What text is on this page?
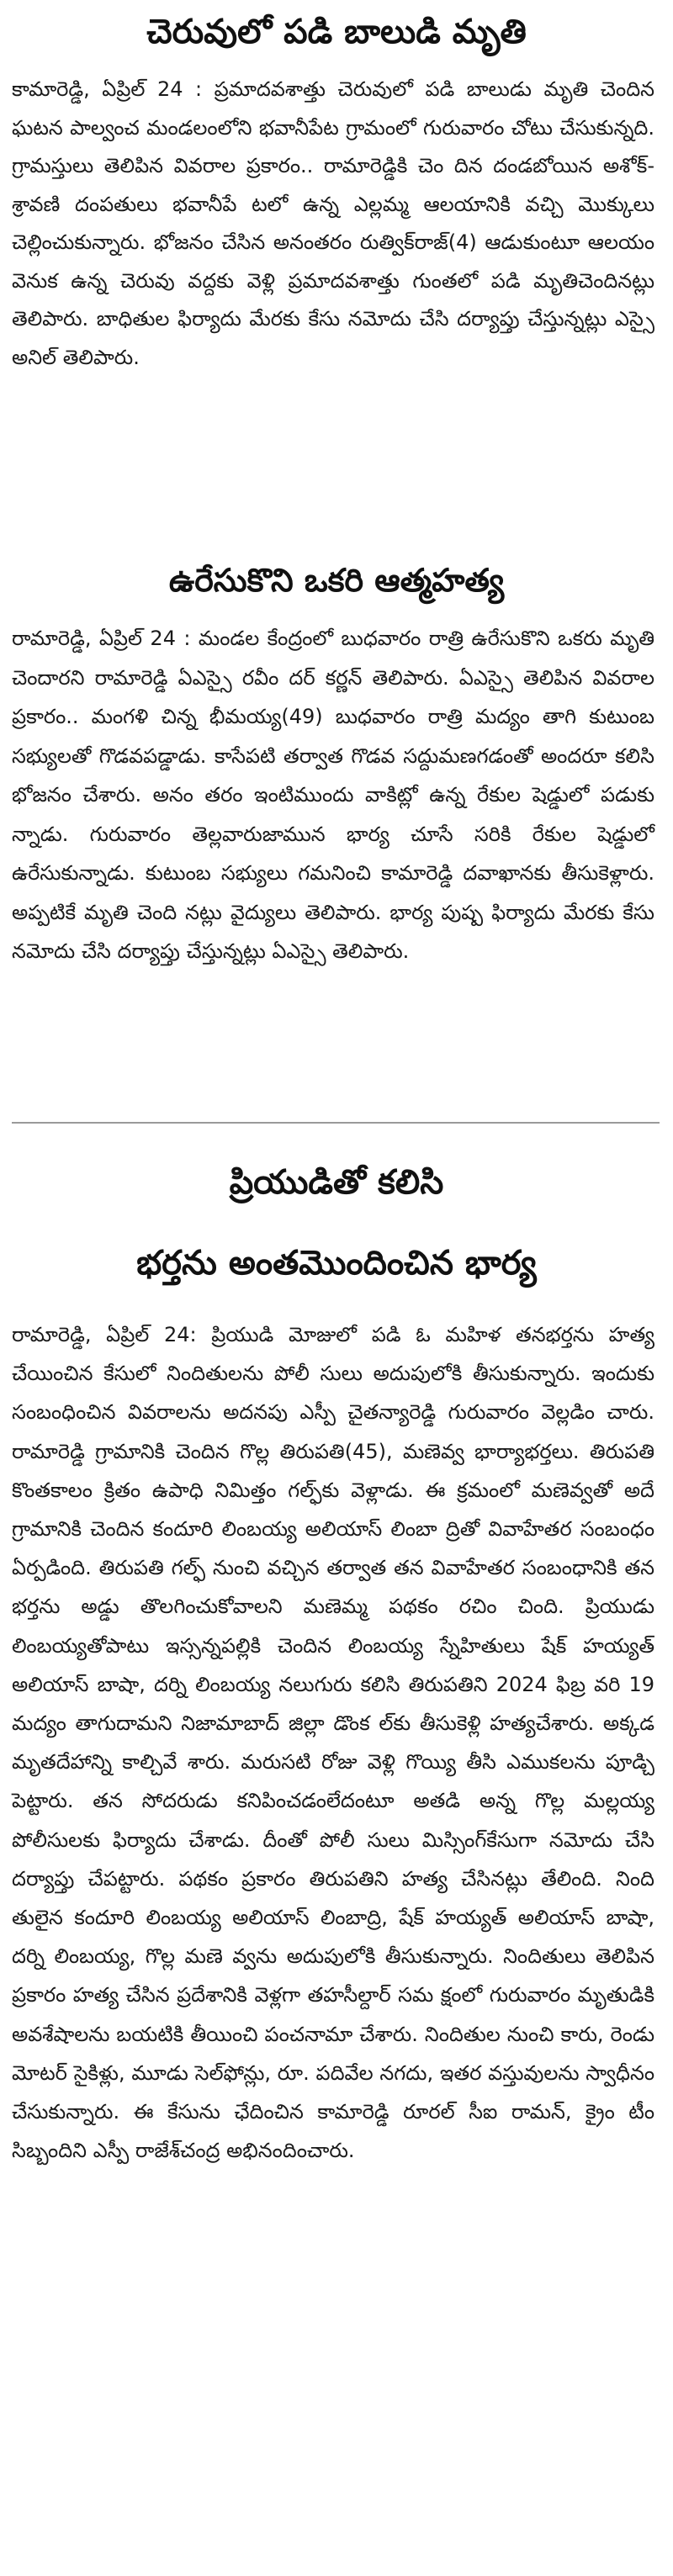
చెరువులో పడి బాలుడి మృతి

కామారెడ్డి, ఏప్రిల్ 24 : ప్రమాదవశాత్తు చెరువులో పడి బాలుడు మృతి చెందిన ఘటన పాల్వంచ మండలంలోని భవానీపేట గ్రామంలో గురువారం చోటు చేసుకున్నది. గ్రామస్తులు తెలిపిన వివరాల ప్రకారం.. రామారెడ్డికి చెం దిన దండబోయిన అశోక్-శ్రావణి దంపతులు భవానీపే టలో ఉన్న ఎల్లమ్మ ఆలయానికి వచ్చి మొక్కులు చెల్లించుకున్నారు. భోజనం చేసిన అనంతరం రుత్విక్‌రాజ్(4) ఆడుకుంటూ ఆలయం వెనుక ఉన్న చెరువు వద్దకు వెళ్లి ప్రమాదవశాత్తు గుంతలో పడి మృతిచెందినట్లు తెలిపారు. బాధితుల ఫిర్యాదు మేరకు కేసు నమోదు చేసి దర్యాప్తు చేస్తున్నట్లు ఎస్సై అనిల్ తెలిపారు.

ఉరేసుకొని ఒకరి ఆత్మహత్య

రామారెడ్డి, ఏప్రిల్ 24 : మండల కేంద్రంలో బుధవారం రాత్రి ఉరేసుకొని ఒకరు మృతి చెందారని రామారెడ్డి ఏఎస్సై రవీం దర్ కర్ణన్ తెలిపారు. ఏఎస్సై తెలిపిన వివరాల ప్రకారం.. మంగళి చిన్న భీమయ్య(49) బుధవారం రాత్రి మద్యం తాగి కుటుంబ సభ్యులతో గొడవపడ్డాడు. కాసేపటి తర్వాత గొడవ సద్దుమణగడంతో అందరూ కలిసి భోజనం చేశారు. అనం తరం ఇంటిముందు వాకిట్లో ఉన్న రేకుల షెడ్డులో పడుకు న్నాడు. గురువారం తెల్లవారుజామున భార్య చూసే సరికి రేకుల షెడ్డులో ఉరేసుకున్నాడు. కుటుంబ సభ్యులు గమనించి కామారెడ్డి దవాఖానకు తీసుకెళ్లారు. అప్పటికే మృతి చెంది నట్లు వైద్యులు తెలిపారు. భార్య పుష్ప ఫిర్యాదు మేరకు కేసు నమోదు చేసి దర్యాప్తు చేస్తున్నట్లు ఏఎస్సై తెలిపారు.

ప్రియుడితో కలిసి
భర్తను అంతమొందించిన భార్య

రామారెడ్డి, ఏప్రిల్ 24: ప్రియుడి మోజులో పడి ఓ మహిళ తనభర్తను హత్య చేయించిన కేసులో నిందితులను పోలీ సులు అదుపులోకి తీసుకున్నారు. ఇందుకు సంబంధించిన వివరాలను అదనపు ఎస్పీ చైతన్యారెడ్డి గురువారం వెల్లడిం చారు. రామారెడ్డి గ్రామానికి చెందిన గొల్ల తిరుపతి(45), మణెవ్వ భార్యాభర్తలు. తిరుపతి కొంతకాలం క్రితం ఉపాధి నిమిత్తం గల్ఫ్‌కు వెళ్లాడు. ఈ క్రమంలో మణెవ్వతో అదే గ్రామానికి చెందిన కందూరి లింబయ్య అలియాస్ లింబా ద్రితో వివాహేతర సంబంధం ఏర్పడింది. తిరుపతి గల్ఫ్ నుంచి వచ్చిన తర్వాత తన వివాహేతర సంబంధానికి తన భర్తను అడ్డు తొలగించుకోవాలని మణెమ్మ పథకం రచిం చింది. ప్రియుడు లింబయ్యతోపాటు ఇస్సన్నపల్లికి చెందిన లింబయ్య స్నేహితులు షేక్ హయ్యత్ అలియాస్ బాషా, దర్ని లింబయ్య నలుగురు కలిసి తిరుపతిని 2024 ఫిబ్ర వరి 19 మద్యం తాగుదామని నిజామాబాద్ జిల్లా డొంక ల్‌కు తీసుకెళ్లి హత్యచేశారు. అక్కడ మృతదేహాన్ని కాల్చివే శారు. మరుసటి రోజు వెళ్లి గొయ్యి తీసి ఎముకలను పూడ్చి పెట్టారు. తన సోదరుడు కనిపించడంలేదంటూ అతడి అన్న గొల్ల మల్లయ్య పోలీసులకు ఫిర్యాదు చేశాడు. దీంతో పోలీ సులు మిస్సింగ్‌కేసుగా నమోదు చేసి దర్యాప్తు చేపట్టారు. పథకం ప్రకారం తిరుపతిని హత్య చేసినట్లు తేలింది. నింది తులైన కందూరి లింబయ్య అలియాస్ లింబాద్రి, షేక్ హయ్యత్ అలియాస్ బాషా, దర్ని లింబయ్య, గొల్ల మణె వ్వను అదుపులోకి తీసుకున్నారు. నిందితులు తెలిపిన ప్రకారం హత్య చేసిన ప్రదేశానికి వెళ్లగా తహసీల్దార్ సమ క్షంలో గురువారం మృతుడికి అవశేషాలను బయటికి తీయించి పంచనామా చేశారు. నిందితుల నుంచి కారు, రెండు మోటర్ సైకిళ్లు, మూడు సెల్‌ఫోన్లు, రూ. పదివేల నగదు, ఇతర వస్తువులను స్వాధీనం చేసుకున్నారు. ఈ కేసును ఛేదించిన కామారెడ్డి రూరల్ సీఐ రామన్, క్రైం టీం సిబ్బందిని ఎస్పీ రాజేశ్‌చంద్ర అభినందించారు.
